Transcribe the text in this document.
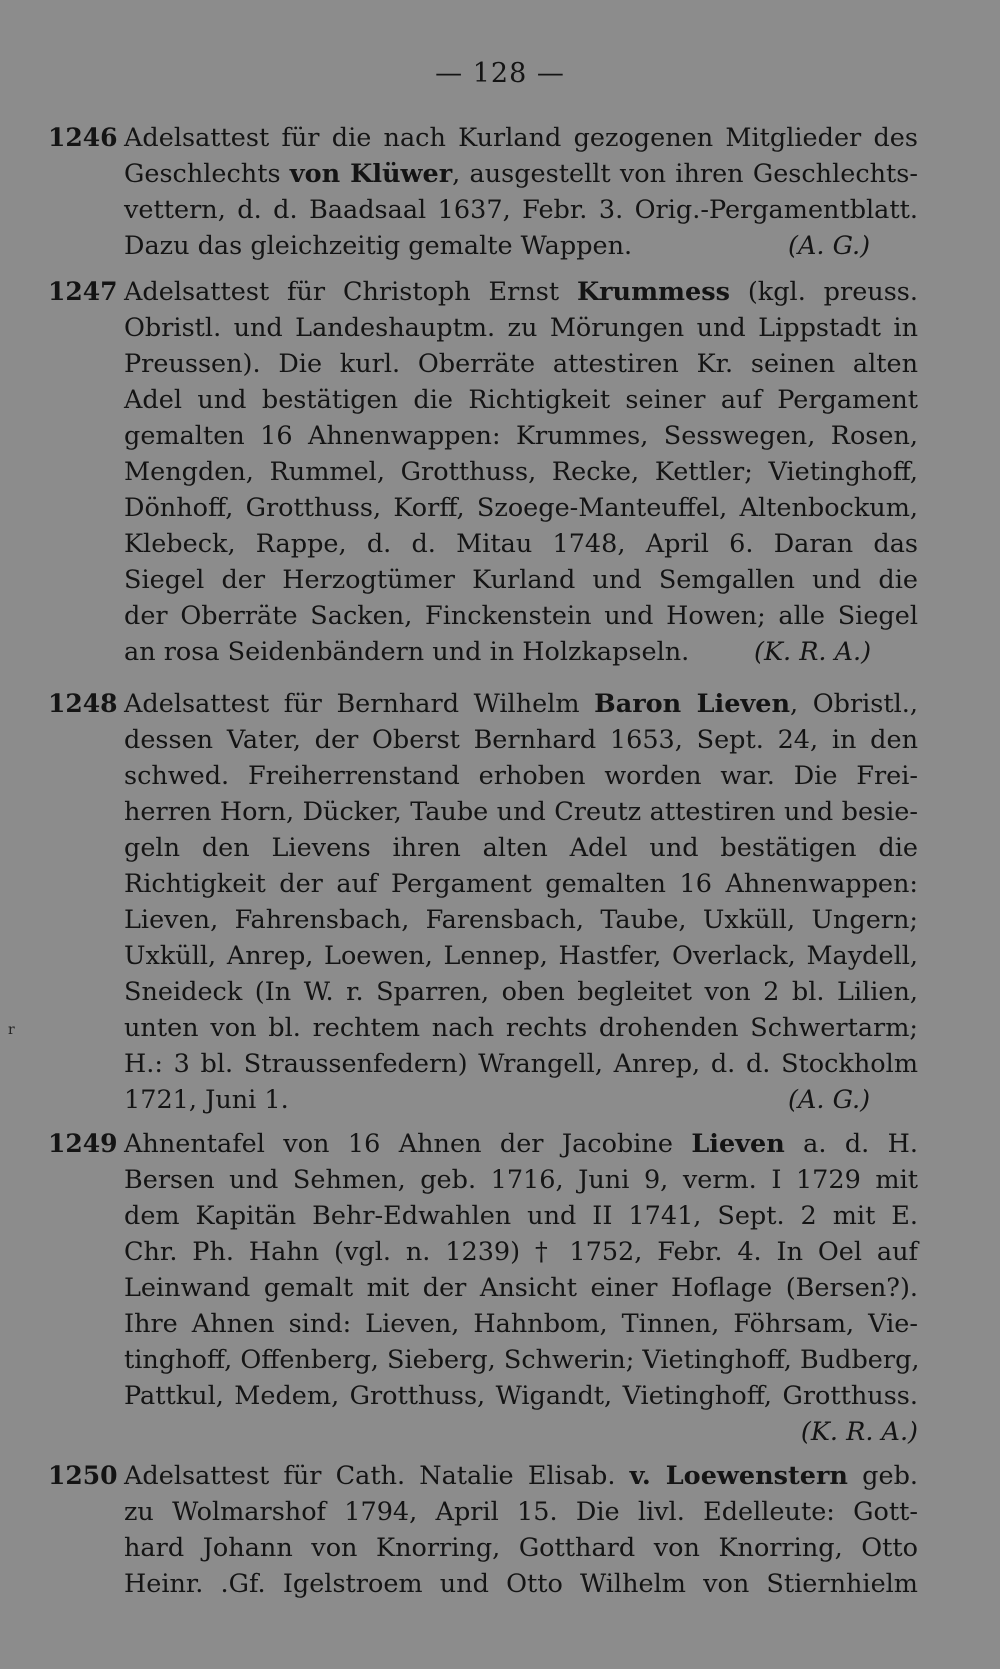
— 128 —
r
1246 Adelsattest für die nach Kurland gezogenen Mitglieder des
Geschlechts von Klüwer, ausgestellt von ihren Geschlechts-
vettern, d. d. Baadsaal 1637, Febr. 3. Orig.-Pergamentblatt.
Dazu das gleichzeitig gemalte Wappen.	(A. G.)
1247 Adelsattest für Christoph Ernst Krummess (kgl. preuss.
Obristl. und Landeshauptm. zu Mörungen und Lippstadt in
Preussen). Die kurl. Oberräte attestiren Kr. seinen alten
Adel und bestätigen die Richtigkeit seiner auf Pergament
gemalten 16 Ahnenwappen: Krummes, Sesswegen, Rosen,
Mengden, Rummel, Grotthuss, Recke, Kettler; Vietinghoff,
Dönhoff, Grotthuss, Korff, Szoege-Manteuffel, Altenbockum,
Klebeck, Rappe, d. d. Mitau 1748, April 6. Daran das
Siegel der Herzogtümer Kurland und Semgallen und die
der Oberräte Sacken, Finckenstein und Howen; alle Siegel
an rosa Seidenbändern und in Holzkapseln.	(K. R. A.)
1248 Adelsattest für Bernhard Wilhelm Baron Lieven, Obristl.,
dessen Vater, der Oberst Bernhard 1653, Sept. 24, in den
schwed. Freiherrenstand erhoben worden war. Die Frei-
herren Horn, Dücker, Taube und Creutz attestiren und besie-
geln den Lievens ihren alten Adel und bestätigen die
Richtigkeit der auf Pergament gemalten 16 Ahnenwappen:
Lieven, Fahrensbach, Farensbach, Taube, Uxküll, Ungern;
Uxküll, Anrep, Loewen, Lennep, Hastfer, Overlack, Maydell,
Sneideck (In W. r. Sparren, oben begleitet von 2 bl. Lilien,
unten von bl. rechtem nach rechts drohenden Schwertarm;
H.: 3 bl. Straussenfedern) Wrangell, Anrep, d. d. Stockholm
1721, Juni 1.	(A. G.)
1249 Ahnentafel von 16 Ahnen der Jacobine Lieven a. d. H.
Bersen und Sehmen, geb. 1716, Juni 9, verm. I 1729 mit
dem Kapitän Behr-Edwahlen und II 1741, Sept. 2 mit E.
Chr. Ph. Hahn (vgl. n. 1239) † 1752, Febr. 4. In Oel auf
Leinwand gemalt mit der Ansicht einer Hoflage (Bersen?).
Ihre Ahnen sind: Lieven, Hahnbom, Tinnen, Föhrsam, Vie-
tinghoff, Offenberg, Sieberg, Schwerin; Vietinghoff, Budberg,
Pattkul, Medem, Grotthuss, Wigandt, Vietinghoff, Grotthuss.
(K. R. A.)
1250 Adelsattest für Cath. Natalie Elisab. v. Loewenstern geb.
zu Wolmarshof 1794, April 15. Die livl. Edelleute: Gott-
hard Johann von Knorring, Gotthard von Knorring, Otto
Heinr. .Gf. Igelstroem und Otto Wilhelm von Stiernhielm
